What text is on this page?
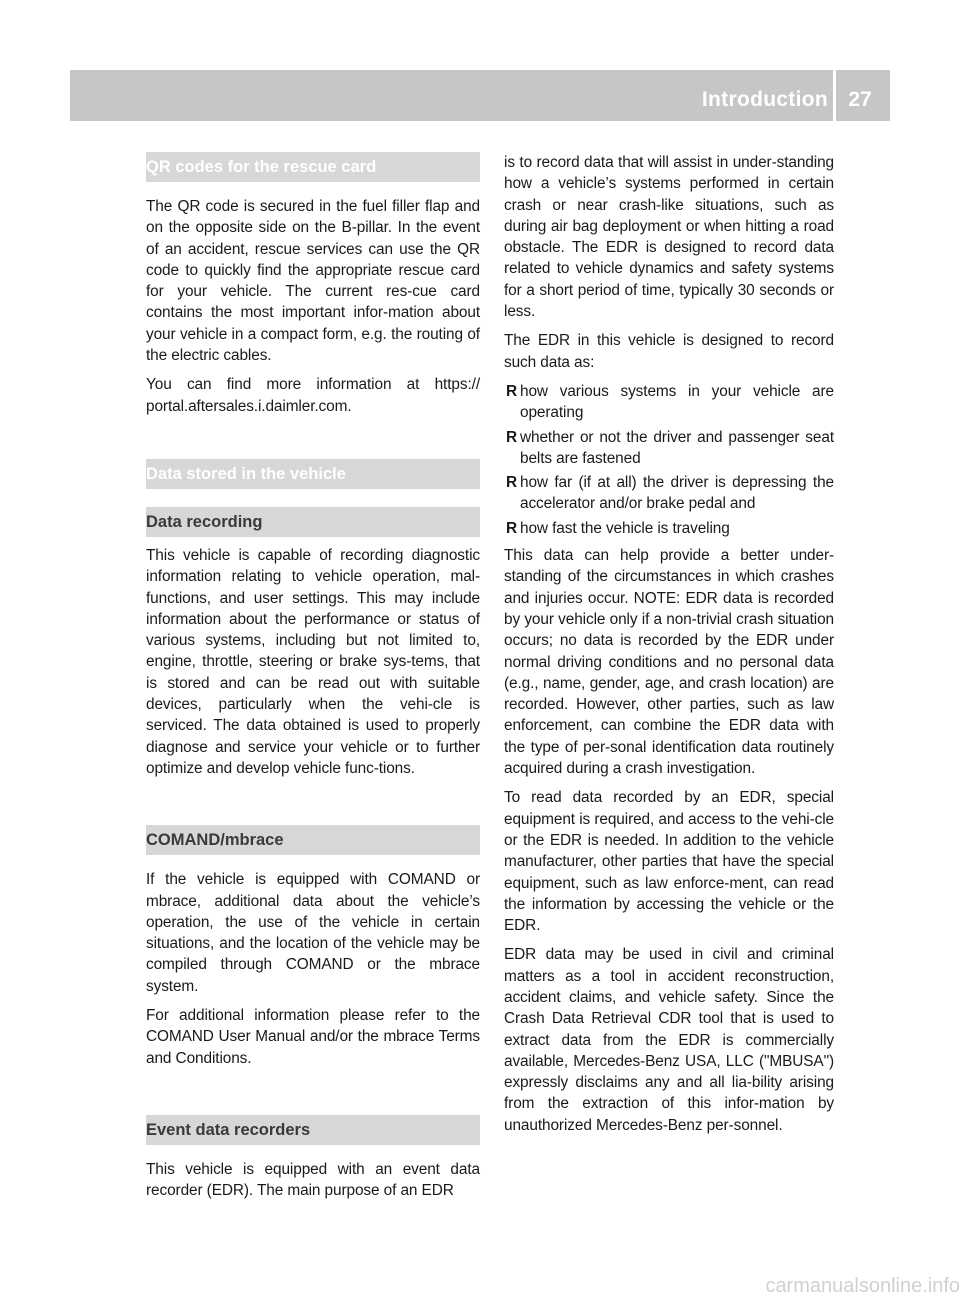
Introduction 27
QR codes for the rescue card

The QR code is secured in the fuel filler flap and on the opposite side on the B-pillar. In the event of an accident, rescue services can use the QR code to quickly find the appropriate rescue card for your vehicle. The current res-cue card contains the most important infor-mation about your vehicle in a compact form, e.g. the routing of the electric cables.

You can find more information at https:// portal.aftersales.i.daimler.com.

Data stored in the vehicle
Data recording

This vehicle is capable of recording diagnostic information relating to vehicle operation, mal-functions, and user settings. This may include information about the performance or status of various systems, including but not limited to, engine, throttle, steering or brake sys-tems, that is stored and can be read out with suitable devices, particularly when the vehi-cle is serviced. The data obtained is used to properly diagnose and service your vehicle or to further optimize and develop vehicle func-tions.

COMAND/mbrace

If the vehicle is equipped with COMAND or mbrace, additional data about the vehicle’s operation, the use of the vehicle in certain situations, and the location of the vehicle may be compiled through COMAND or the mbrace system.

For additional information please refer to the COMAND User Manual and/or the mbrace Terms and Conditions.

Event data recorders

This vehicle is equipped with an event data recorder (EDR). The main purpose of an EDR

is to record data that will assist in under-standing how a vehicle’s systems performed in certain crash or near crash-like situations, such as during air bag deployment or when hitting a road obstacle. The EDR is designed to record data related to vehicle dynamics and safety systems for a short period of time, typically 30 seconds or less.

The EDR in this vehicle is designed to record such data as:

R how various systems in your vehicle are operating
R whether or not the driver and passenger seat belts are fastened
R how far (if at all) the driver is depressing the accelerator and/or brake pedal and
R how fast the vehicle is traveling

This data can help provide a better under-standing of the circumstances in which crashes and injuries occur. NOTE: EDR data is recorded by your vehicle only if a non-trivial crash situation occurs; no data is recorded by the EDR under normal driving conditions and no personal data (e.g., name, gender, age, and crash location) are recorded. However, other parties, such as law enforcement, can combine the EDR data with the type of per-sonal identification data routinely acquired during a crash investigation.

To read data recorded by an EDR, special equipment is required, and access to the vehi-cle or the EDR is needed. In addition to the vehicle manufacturer, other parties that have the special equipment, such as law enforce-ment, can read the information by accessing the vehicle or the EDR.

EDR data may be used in civil and criminal matters as a tool in accident reconstruction, accident claims, and vehicle safety. Since the Crash Data Retrieval CDR tool that is used to extract data from the EDR is commercially available, Mercedes-Benz USA, LLC ("MBUSA") expressly disclaims any and all lia-bility arising from the extraction of this infor-mation by unauthorized Mercedes-Benz per-sonnel.

carmanualsonline.info
